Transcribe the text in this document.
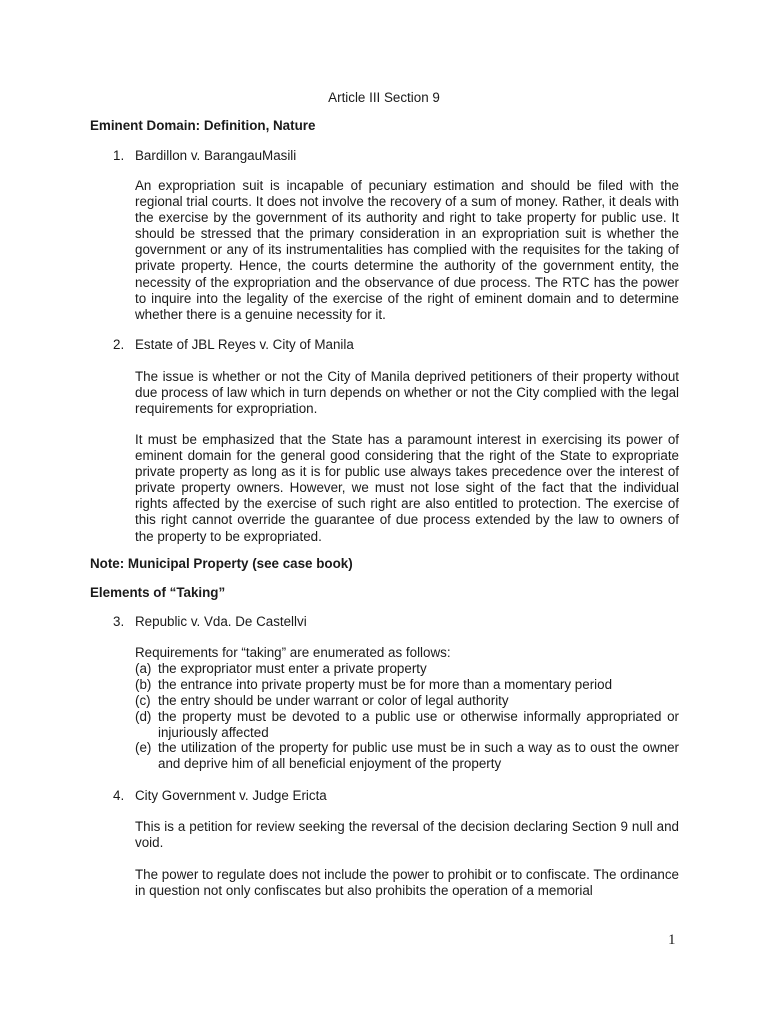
Article III Section 9
Eminent Domain: Definition, Nature
1. Bardillon v. BarangauMasili
An expropriation suit is incapable of pecuniary estimation and should be filed with the regional trial courts. It does not involve the recovery of a sum of money. Rather, it deals with the exercise by the government of its authority and right to take property for public use. It should be stressed that the primary consideration in an expropriation suit is whether the government or any of its instrumentalities has complied with the requisites for the taking of private property. Hence, the courts determine the authority of the government entity, the necessity of the expropriation and the observance of due process. The RTC has the power to inquire into the legality of the exercise of the right of eminent domain and to determine whether there is a genuine necessity for it.
2. Estate of JBL Reyes v. City of Manila
The issue is whether or not the City of Manila deprived petitioners of their property without due process of law which in turn depends on whether or not the City complied with the legal requirements for expropriation.
It must be emphasized that the State has a paramount interest in exercising its power of eminent domain for the general good considering that the right of the State to expropriate private property as long as it is for public use always takes precedence over the interest of private property owners. However, we must not lose sight of the fact that the individual rights affected by the exercise of such right are also entitled to protection. The exercise of this right cannot override the guarantee of due process extended by the law to owners of the property to be expropriated.
Note: Municipal Property (see case book)
Elements of “Taking”
3. Republic v. Vda. De Castellvi
Requirements for “taking” are enumerated as follows:
(a) the expropriator must enter a private property
(b) the entrance into private property must be for more than a momentary period
(c) the entry should be under warrant or color of legal authority
(d) the property must be devoted to a public use or otherwise informally appropriated or injuriously affected
(e) the utilization of the property for public use must be in such a way as to oust the owner and deprive him of all beneficial enjoyment of the property
4. City Government v. Judge Ericta
This is a petition for review seeking the reversal of the decision declaring Section 9 null and void.
The power to regulate does not include the power to prohibit or to confiscate. The ordinance in question not only confiscates but also prohibits the operation of a memorial
1
